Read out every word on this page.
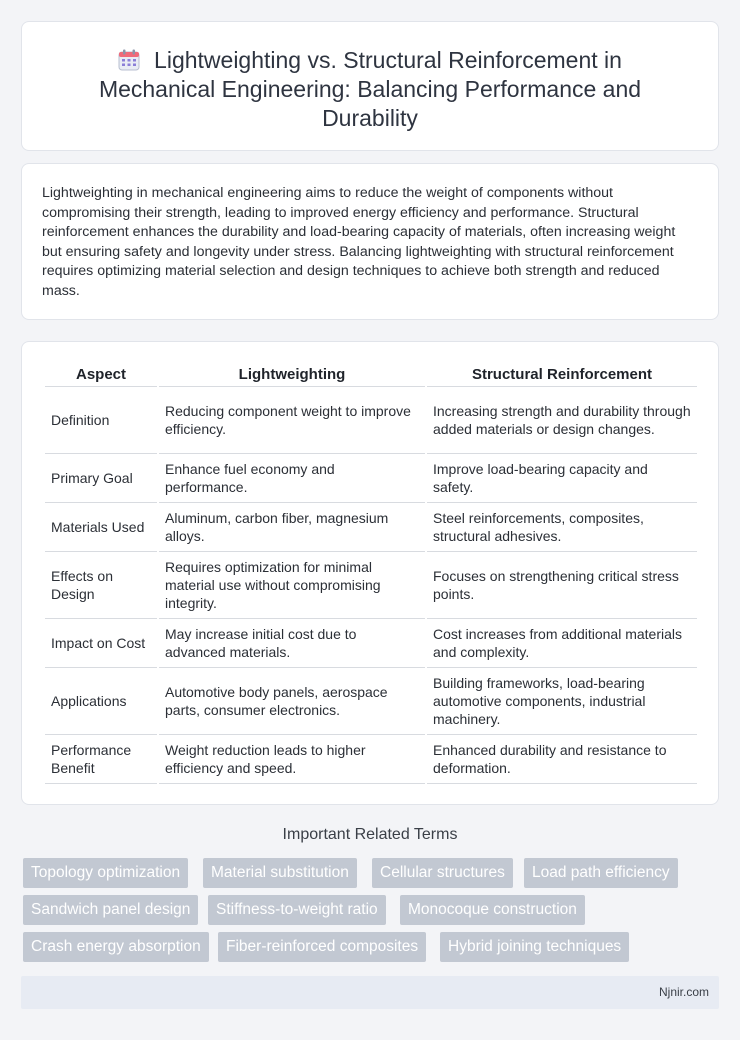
Lightweighting vs. Structural Reinforcement in Mechanical Engineering: Balancing Performance and Durability

Lightweighting in mechanical engineering aims to reduce the weight of components without compromising their strength, leading to improved energy efficiency and performance. Structural reinforcement enhances the durability and load-bearing capacity of materials, often increasing weight but ensuring safety and longevity under stress. Balancing lightweighting with structural reinforcement requires optimizing material selection and design techniques to achieve both strength and reduced mass.

Aspect	Lightweighting	Structural Reinforcement
Definition	Reducing component weight to improve efficiency.	Increasing strength and durability through added materials or design changes.
Primary Goal	Enhance fuel economy and performance.	Improve load-bearing capacity and safety.
Materials Used	Aluminum, carbon fiber, magnesium alloys.	Steel reinforcements, composites, structural adhesives.
Effects on Design	Requires optimization for minimal material use without compromising integrity.	Focuses on strengthening critical stress points.
Impact on Cost	May increase initial cost due to advanced materials.	Cost increases from additional materials and complexity.
Applications	Automotive body panels, aerospace parts, consumer electronics.	Building frameworks, load-bearing automotive components, industrial machinery.
Performance Benefit	Weight reduction leads to higher efficiency and speed.	Enhanced durability and resistance to deformation.
Important Related Terms
Topology optimization	Material substitution	Cellular structures	Load path efficiency
Sandwich panel design	Stiffness-to-weight ratio	Monocoque construction
Crash energy absorption	Fiber-reinforced composites	Hybrid joining techniques
Njnir.com
